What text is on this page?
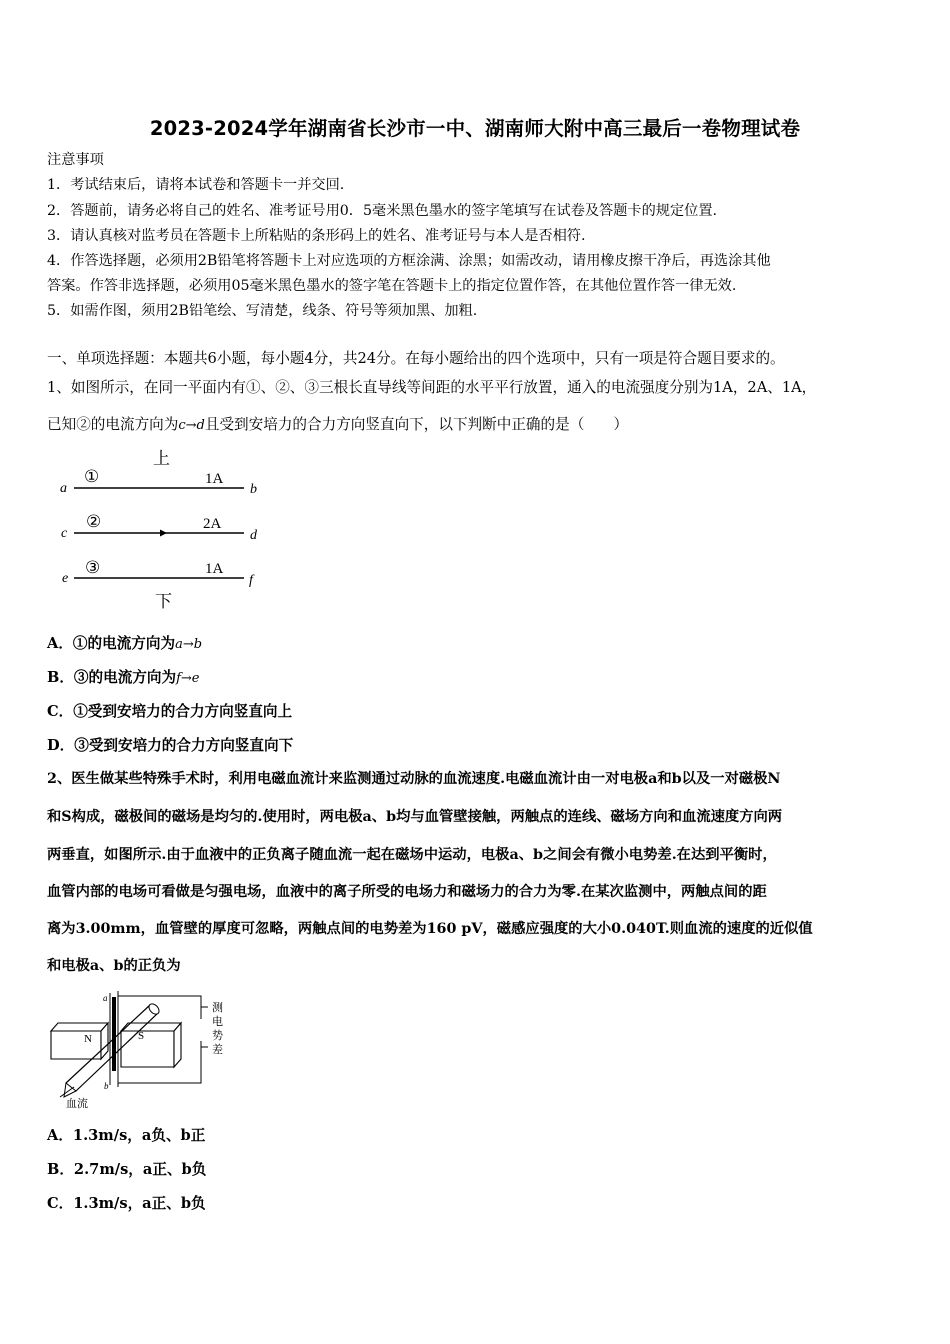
2023-2024学年湖南省长沙市一中、湖南师大附中高三最后一卷物理试卷
注意事项
1．考试结束后，请将本试卷和答题卡一并交回.
2．答题前，请务必将自己的姓名、准考证号用0．5毫米黑色墨水的签字笔填写在试卷及答题卡的规定位置.
3．请认真核对监考员在答题卡上所粘贴的条形码上的姓名、准考证号与本人是否相符.
4．作答选择题，必须用2B铅笔将答题卡上对应选项的方框涂满、涂黑；如需改动，请用橡皮擦干净后，再选涂其他
答案。作答非选择题，必须用05毫米黑色墨水的签字笔在答题卡上的指定位置作答，在其他位置作答一律无效.
5．如需作图，须用2B铅笔绘、写清楚，线条、符号等须加黑、加粗.
一、单项选择题：本题共6小题，每小题4分，共24分。在每小题给出的四个选项中，只有一项是符合题目要求的。
1、如图所示，在同一平面内有①、②、③三根长直导线等间距的水平平行放置，通入的电流强度分别为1A，2A、1A，
已知②的电流方向为c→d且受到安培力的合力方向竖直向下，以下判断中正确的是（　　）
上
a
①	1A
b
c
②	2A
d
e
③	1A
f
下
A．①的电流方向为a→b
B．③的电流方向为f→e
C．①受到安培力的合力方向竖直向上
D．③受到安培力的合力方向竖直向下
2、医生做某些特殊手术时，利用电磁血流计来监测通过动脉的血流速度.电磁血流计由一对电极a和b以及一对磁极N
和S构成，磁极间的磁场是均匀的.使用时，两电极a、b均与血管壁接触，两触点的连线、磁场方向和血流速度方向两
两垂直，如图所示.由于血液中的正负离子随血流一起在磁场中运动，电极a、b之间会有微小电势差.在达到平衡时，
血管内部的电场可看做是匀强电场，血液中的离子所受的电场力和磁场力的合力为零.在某次监测中，两触点间的距
离为3.00mm，血管壁的厚度可忽略，两触点间的电势差为160 pV，磁感应强度的大小0.040T.则血流的速度的近似值
和电极a、b的正负为
N	S
a
b
血流
测
电
势
差
A．1.3m/s，a负、b正
B．2.7m/s，a正、b负
C．1.3m/s，a正、b负
